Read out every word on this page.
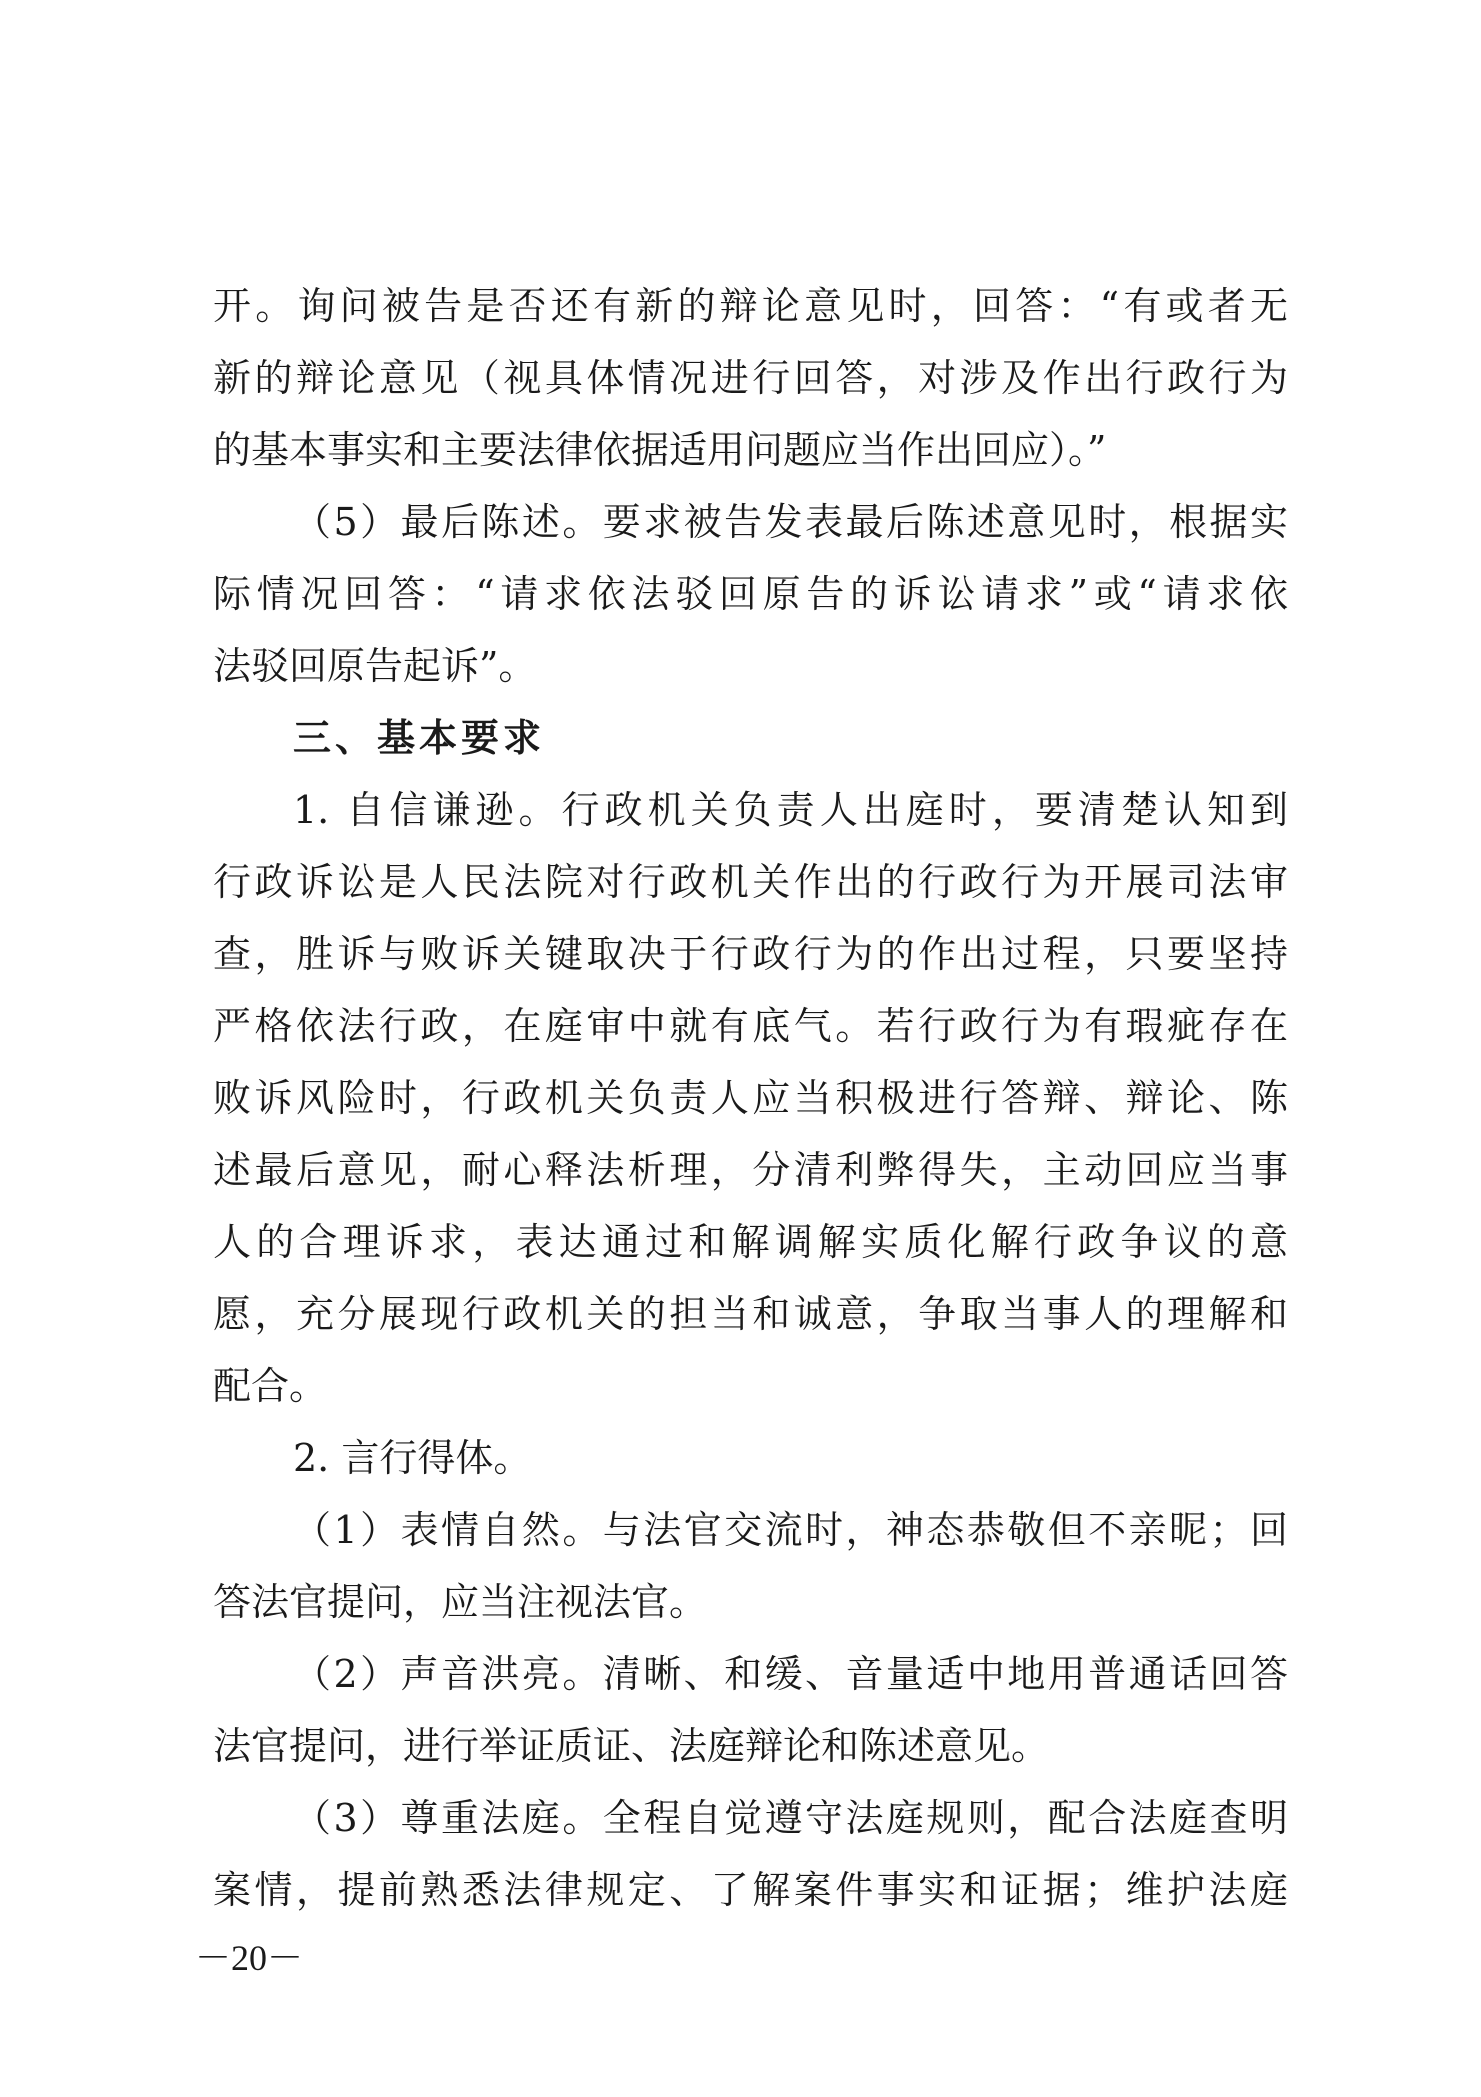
开。询问被告是否还有新的辩论意见时，回答：“有或者无
新的辩论意见（视具体情况进行回答，对涉及作出行政行为
的基本事实和主要法律依据适用问题应当作出回应）。”
（5）最后陈述。要求被告发表最后陈述意见时，根据实
际情况回答：“请求依法驳回原告的诉讼请求”或“请求依
法驳回原告起诉”。
三、基本要求
1. 自信谦逊。行政机关负责人出庭时，要清楚认知到
行政诉讼是人民法院对行政机关作出的行政行为开展司法审
查，胜诉与败诉关键取决于行政行为的作出过程，只要坚持
严格依法行政，在庭审中就有底气。若行政行为有瑕疵存在
败诉风险时，行政机关负责人应当积极进行答辩、辩论、陈
述最后意见，耐心释法析理，分清利弊得失，主动回应当事
人的合理诉求，表达通过和解调解实质化解行政争议的意
愿，充分展现行政机关的担当和诚意，争取当事人的理解和
配合。
2. 言行得体。
（1）表情自然。与法官交流时，神态恭敬但不亲昵；回
答法官提问，应当注视法官。
（2）声音洪亮。清晰、和缓、音量适中地用普通话回答
法官提问，进行举证质证、法庭辩论和陈述意见。
（3）尊重法庭。全程自觉遵守法庭规则，配合法庭查明
案情，提前熟悉法律规定、了解案件事实和证据；维护法庭
－20－
